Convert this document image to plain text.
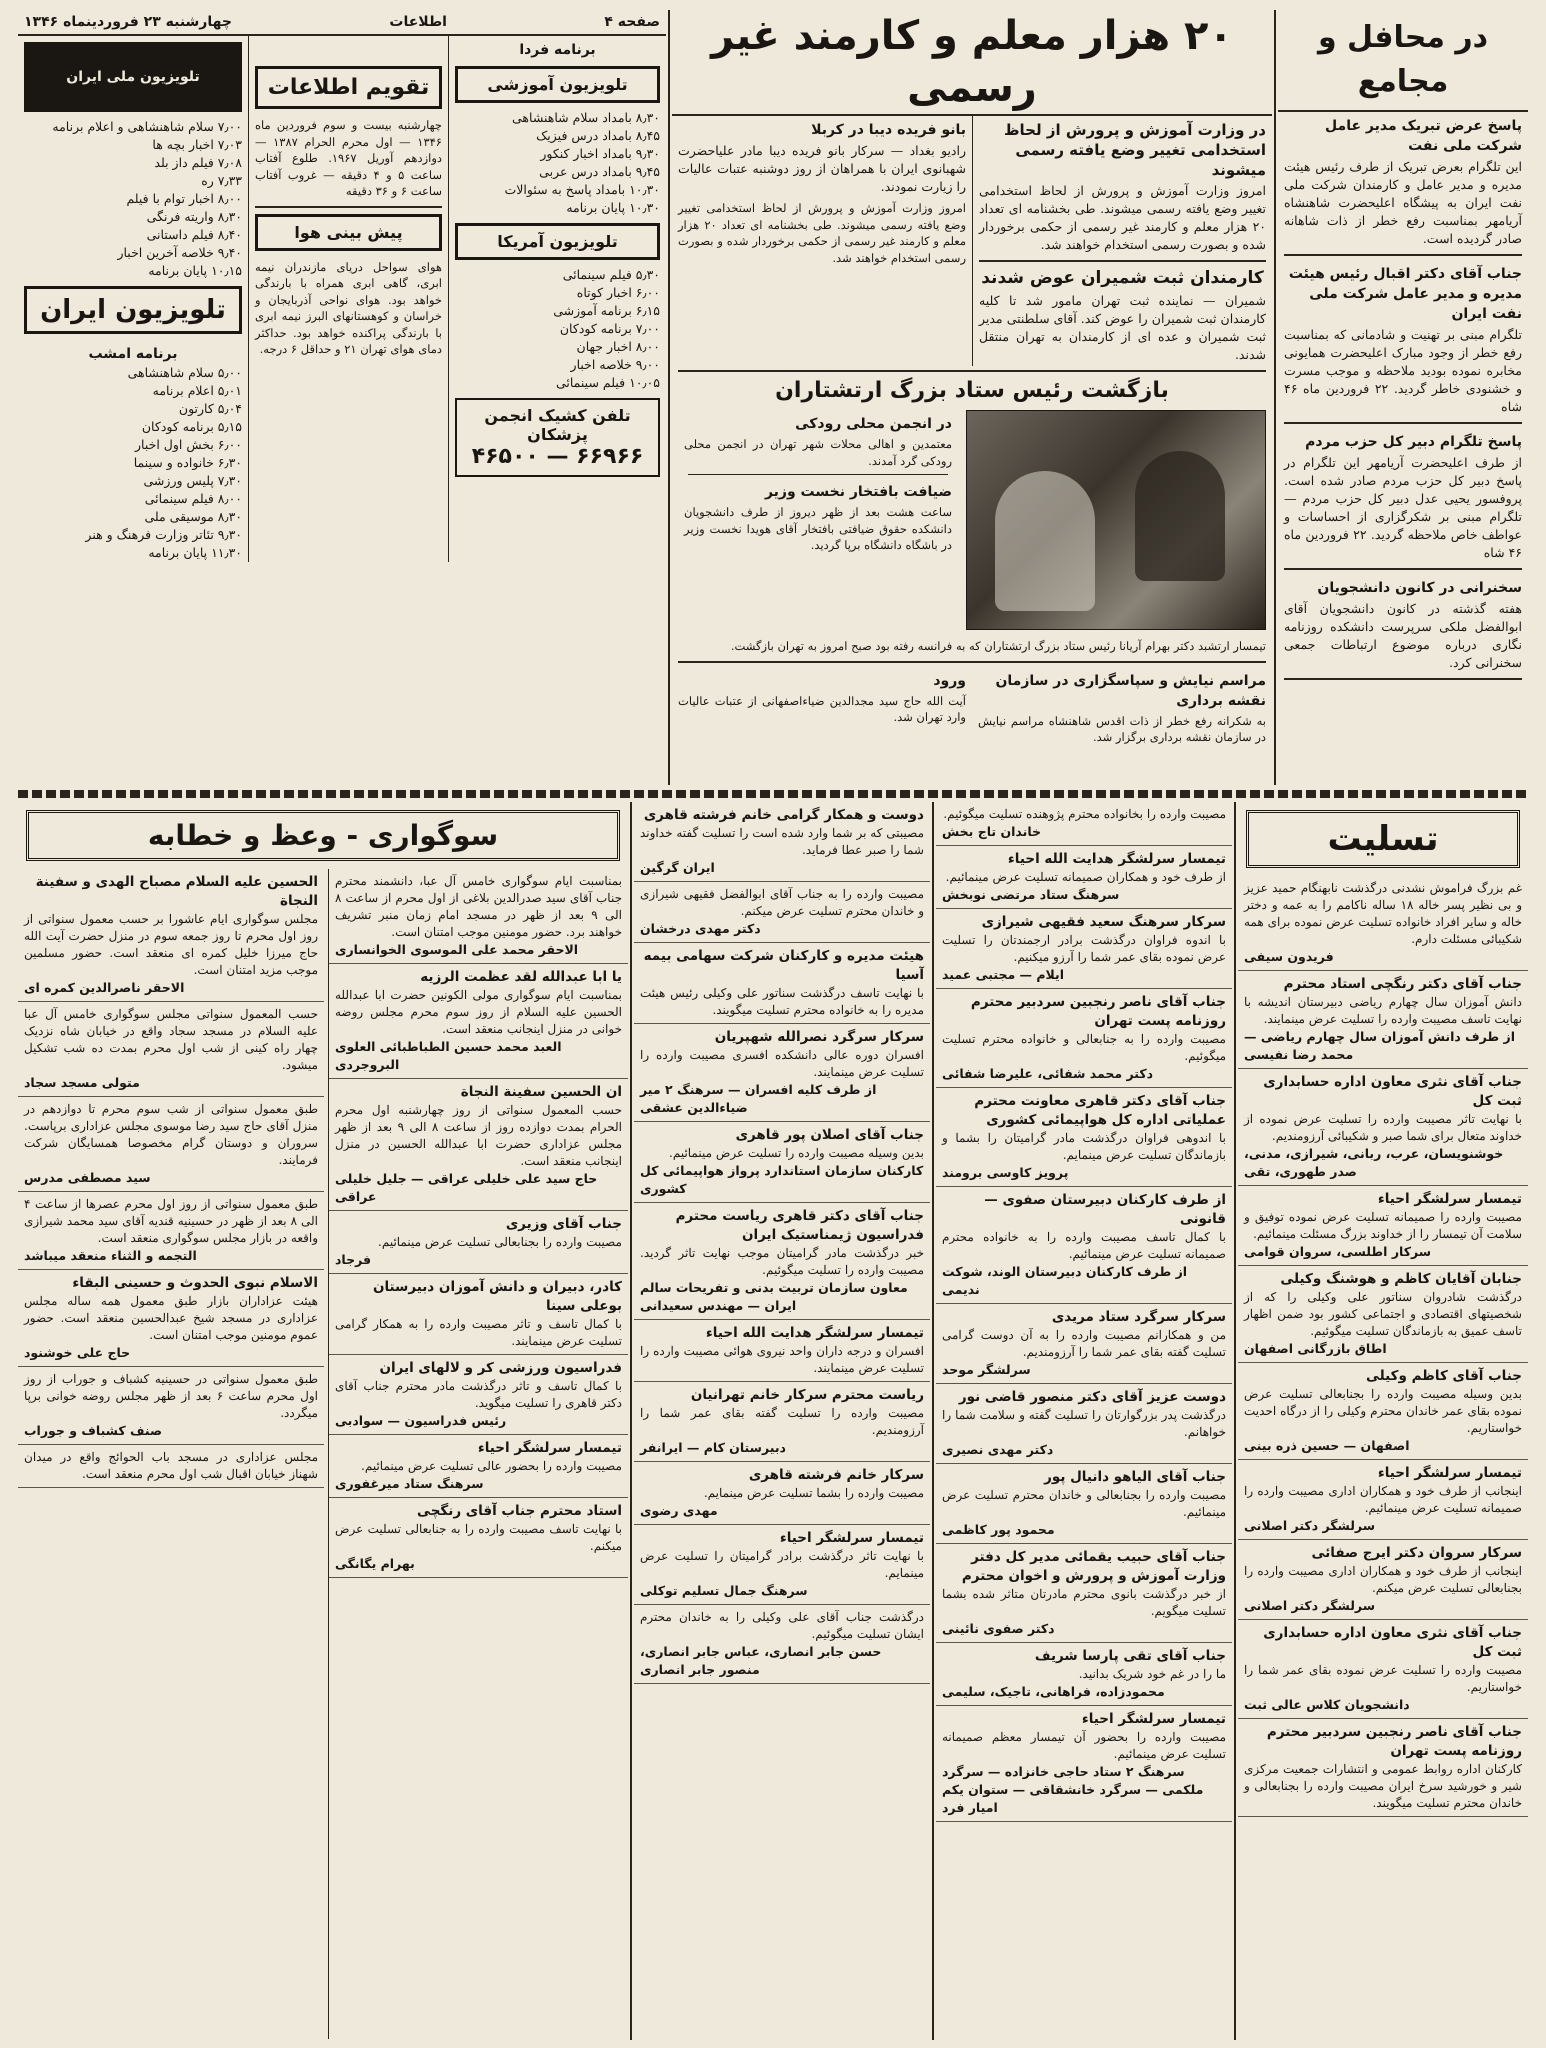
در محافل و مجامع
پاسخ عرض تبریک مدیر عامل شرکت ملی نفت
این تلگرام بعرض تبریک از طرف رئیس هیئت مدیره و مدیر عامل و کارمندان شرکت ملی نفت ایران به پیشگاه اعلیحضرت شاهنشاه آریامهر بمناسبت رفع خطر از ذات شاهانه صادر گردیده است.
جناب آقای دکتر اقبال رئیس هیئت مدیره و مدیر عامل شرکت ملی نفت ایران
تلگرام مبنی بر تهنیت و شادمانی که بمناسبت رفع خطر از وجود مبارک اعلیحضرت همایونی مخابره نموده بودید ملاحظه و موجب مسرت و خشنودی خاطر گردید. ۲۲ فروردین ماه ۴۶ شاه
پاسخ تلگرام دبیر کل حزب مردم
از طرف اعلیحضرت آریامهر این تلگرام در پاسخ دبیر کل حزب مردم صادر شده است. پروفسور یحیی عدل دبیر کل حزب مردم — تلگرام مبنی بر شکرگزاری از احساسات و عواطف خاص ملاحظه گردید. ۲۲ فروردین ماه ۴۶ شاه
سخنرانی در کانون دانشجویان
هفته گذشته در کانون دانشجویان آقای ابوالفضل ملکی سرپرست دانشکده روزنامه نگاری درباره موضوع ارتباطات جمعی سخنرانی کرد.
۲۰ هزار معلم و کارمند غیر رسمی
در وزارت آموزش و پرورش از لحاظ استخدامی تغییر وضع یافته رسمی میشوند
امروز وزارت آموزش و پرورش از لحاظ استخدامی تغییر وضع یافته رسمی میشوند. طی بخشنامه ای تعداد ۲۰ هزار معلم و کارمند غیر رسمی از حکمی برخوردار شده و بصورت رسمی استخدام خواهند شد.
کارمندان ثبت شمیران عوض شدند
شمیران — نماینده ثبت تهران مامور شد تا کلیه کارمندان ثبت شمیران را عوض کند. آقای سلطنتی مدیر ثبت شمیران و عده ای از کارمندان به تهران منتقل شدند.
بانو فریده دیبا در کربلا
رادیو بغداد — سرکار بانو فریده دیبا مادر علیاحضرت شهبانوی ایران با همراهان از روز دوشنبه عتبات عالیات را زیارت نمودند.
امروز وزارت آموزش و پرورش از لحاظ استخدامی تغییر وضع یافته رسمی میشوند. طی بخشنامه ای تعداد ۲۰ هزار معلم و کارمند غیر رسمی از حکمی برخوردار شده و بصورت رسمی استخدام خواهند شد.
بازگشت رئیس ستاد بزرگ ارتشتاران
در انجمن محلی رودکی
معتمدین و اهالی محلات شهر تهران در انجمن محلی رودکی گرد آمدند.
ضیافت بافتخار نخست وزیر
ساعت هشت بعد از ظهر دیروز از طرف دانشجویان دانشکده حقوق ضیافتی بافتخار آقای هویدا نخست وزیر در باشگاه دانشگاه برپا گردید.
تیمسار ارتشبد دکتر بهرام آریانا رئیس ستاد بزرگ ارتشتاران که به فرانسه رفته بود صبح امروز به تهران بازگشت.
مراسم نیایش و سپاسگزاری در سازمان نقشه برداری
به شکرانه رفع خطر از ذات اقدس شاهنشاه مراسم نیایش در سازمان نقشه برداری برگزار شد.
ورود
آیت الله حاج سید مجدالدین ضیاءاصفهانی از عتبات عالیات وارد تهران شد.
صفحه ۴
اطلاعات
چهارشنبه ۲۳ فروردینماه ۱۳۴۶
برنامه فردا
تلویزیون آموزشی
۸٫۳۰ بامداد سلام شاهنشاهی
۸٫۴۵ بامداد درس فیزیک
۹٫۳۰ بامداد اخبار کنکور
۹٫۴۵ بامداد درس عربی
۱۰٫۳۰ بامداد پاسخ به سئوالات
۱۰٫۳۰ پایان برنامه
تلویزیون آمریکا
۵٫۳۰ فیلم سینمائی
۶٫۰۰ اخبار کوتاه
۶٫۱۵ برنامه آموزشی
۷٫۰۰ برنامه کودکان
۸٫۰۰ اخبار جهان
۹٫۰۰ خلاصه اخبار
۱۰٫۰۵ فیلم سینمائی
تلفن کشیک انجمن پزشکان
۶۶۹۶۶ — ۴۶۵۰۰
تقویم اطلاعات
چهارشنبه بیست و سوم فروردین ماه ۱۳۴۶ — اول محرم الحرام ۱۳۸۷ — دوازدهم آوریل ۱۹۶۷. طلوع آفتاب ساعت ۵ و ۴ دقیقه — غروب آفتاب ساعت ۶ و ۳۶ دقیقه
پیش بینی هوا
هوای سواحل دریای مازندران نیمه ابری، گاهی ابری همراه با بارندگی خواهد بود. هوای نواحی آذربایجان و خراسان و کوهستانهای البرز نیمه ابری با بارندگی پراکنده خواهد بود. حداکثر دمای هوای تهران ۲۱ و حداقل ۶ درجه.
تلویزیون ملی ایران
۷٫۰۰ سلام شاهنشاهی و اعلام برنامه
۷٫۰۳ اخبار بچه ها
۷٫۰۸ فیلم داز بلد
۷٫۳۳ ره
۸٫۰۰ اخبار توام با فیلم
۸٫۳۰ واریته فرنگی
۸٫۴۰ فیلم داستانی
۹٫۴۰ خلاصه آخرین اخبار
۱۰٫۱۵ پایان برنامه
تلویزیون ایران
برنامه امشب
۵٫۰۰ سلام شاهنشاهی
۵٫۰۱ اعلام برنامه
۵٫۰۴ کارتون
۵٫۱۵ برنامه کودکان
۶٫۰۰ بخش اول اخبار
۶٫۳۰ خانواده و سینما
۷٫۳۰ پلیس ورزشی
۸٫۰۰ فیلم سینمائی
۸٫۳۰ موسیقی ملی
۹٫۳۰ تئاتر وزارت فرهنگ و هنر
۱۱٫۳۰ پایان برنامه
تسلیت
غم بزرگ فراموش نشدنی درگذشت نابهنگام حمید عزیز و بی نظیر پسر خاله ۱۸ ساله ناکامم را به عمه و دختر خاله و سایر افراد خانواده تسلیت عرض نموده برای همه شکیبائی مسئلت دارم.
فریدون سیفی
جناب آقای دکتر رنگچی استاد محترم
دانش آموزان سال چهارم ریاضی دبیرستان اندیشه با نهایت تاسف مصیبت وارده را تسلیت عرض مینمایند.
از طرف دانش آموزان سال چهارم ریاضی — محمد رضا نفیسی
جناب آقای نثری معاون اداره حسابداری ثبت کل
با نهایت تاثر مصیبت وارده را تسلیت عرض نموده از خداوند متعال برای شما صبر و شکیبائی آرزومندیم.
خوشنویسان، عرب، ربانی، شیرازی، مدنی، صدر طهوری، تقی
تیمسار سرلشگر احیاء
مصیبت وارده را صمیمانه تسلیت عرض نموده توفیق و سلامت آن تیمسار را از خداوند بزرگ مسئلت مینمائیم.
سرکار اطلسی، سروان قوامی
جنابان آقایان کاظم و هوشنگ وکیلی
درگذشت شادروان سناتور علی وکیلی را که از شخصیتهای اقتصادی و اجتماعی کشور بود ضمن اظهار تاسف عمیق به بازماندگان تسلیت میگوئیم.
اطاق بازرگانی اصفهان
جناب آقای کاظم وکیلی
بدین وسیله مصیبت وارده را بجنابعالی تسلیت عرض نموده بقای عمر خاندان محترم وکیلی را از درگاه احدیت خواستاریم.
اصفهان — حسین ذره بینی
تیمسار سرلشگر احیاء
اینجانب از طرف خود و همکاران اداری مصیبت وارده را صمیمانه تسلیت عرض مینمائیم.
سرلشگر دکتر اصلانی
سرکار سروان دکتر ایرج صفائی
اینجانب از طرف خود و همکاران اداری مصیبت وارده را بجنابعالی تسلیت عرض میکنم.
سرلشگر دکتر اصلانی
جناب آقای نثری معاون اداره حسابداری ثبت کل
مصیبت وارده را تسلیت عرض نموده بقای عمر شما را خواستاریم.
دانشجویان کلاس عالی ثبت
جناب آقای ناصر رنجبین سردبیر محترم روزنامه پست تهران
کارکنان اداره روابط عمومی و انتشارات جمعیت مرکزی شیر و خورشید سرخ ایران مصیبت وارده را بجنابعالی و خاندان محترم تسلیت میگویند.
مصیبت وارده را بخانواده محترم پژوهنده تسلیت میگوئیم.
خاندان تاج بخش
تیمسار سرلشگر هدایت الله احیاء
از طرف خود و همکاران صمیمانه تسلیت عرض مینمائیم.
سرهنگ ستاد مرتضی نوبخش
سرکار سرهنگ سعید فقیهی شیرازی
با اندوه فراوان درگذشت برادر ارجمندتان را تسلیت عرض نموده بقای عمر شما را آرزو میکنیم.
ایلام — مجتبی عمید
جناب آقای ناصر رنجبین سردبیر محترم روزنامه پست تهران
مصیبت وارده را به جنابعالی و خانواده محترم تسلیت میگوئیم.
دکتر محمد شفائی، علیرضا شفائی
جناب آقای دکتر قاهری معاونت محترم عملیاتی اداره کل هواپیمائی کشوری
با اندوهی فراوان درگذشت مادر گرامیتان را بشما و بازماندگان تسلیت عرض مینمایم.
پرویز کاوسی برومند
از طرف کارکنان دبیرستان صفوی — قانونی
با کمال تاسف مصیبت وارده را به خانواده محترم صمیمانه تسلیت عرض مینمائیم.
از طرف کارکنان دبیرستان الوند، شوکت ندیمی
سرکار سرگرد ستاد مریدی
من و همکارانم مصیبت وارده را به آن دوست گرامی تسلیت گفته بقای عمر شما را آرزومندیم.
سرلشگر موحد
دوست عزیز آقای دکتر منصور قاضی نور
درگذشت پدر بزرگوارتان را تسلیت گفته و سلامت شما را خواهانم.
دکتر مهدی نصیری
جناب آقای الیاهو دانیال پور
مصیبت وارده را بجنابعالی و خاندان محترم تسلیت عرض مینمائیم.
محمود پور کاظمی
جناب آقای حبیب یقمائی مدیر کل دفتر وزارت آموزش و پرورش و اخوان محترم
از خبر درگذشت بانوی محترم مادرتان متاثر شده بشما تسلیت میگویم.
دکتر صفوی نائینی
جناب آقای تقی پارسا شریف
ما را در غم خود شریک بدانید.
محمودزاده، فراهانی، تاجیک، سلیمی
تیمسار سرلشگر احیاء
مصیبت وارده را بحضور آن تیمسار معظم صمیمانه تسلیت عرض مینمائیم.
سرهنگ ۲ ستاد حاجی خانزاده — سرگرد ملکمی — سرگرد خانشقاقی — ستوان یکم امیار فرد
دوست و همکار گرامی خانم فرشته قاهری
مصیبتی که بر شما وارد شده است را تسلیت گفته خداوند شما را صبر عطا فرماید.
ایران گرگین
مصیبت وارده را به جناب آقای ابوالفضل فقیهی شیرازی و خاندان محترم تسلیت عرض میکنم.
دکتر مهدی درخشان
هیئت مدیره و کارکنان شرکت سهامی بیمه آسیا
با نهایت تاسف درگذشت سناتور علی وکیلی رئیس هیئت مدیره را به خانواده محترم تسلیت میگویند.
سرکار سرگرد نصرالله شهپریان
افسران دوره عالی دانشکده افسری مصیبت وارده را تسلیت عرض مینمایند.
از طرف کلیه افسران — سرهنگ ۲ میر ضیاءالدین عشقی
جناب آقای اصلان پور قاهری
بدین وسیله مصیبت وارده را تسلیت عرض مینمائیم.
کارکنان سازمان استاندارد پرواز هواپیمائی کل کشوری
جناب آقای دکتر قاهری ریاست محترم فدراسیون ژیمناستیک ایران
خبر درگذشت مادر گرامیتان موجب نهایت تاثر گردید. مصیبت وارده را تسلیت میگوئیم.
معاون سازمان تربیت بدنی و تفریحات سالم ایران — مهندس سعیدانی
تیمسار سرلشگر هدایت الله احیاء
افسران و درجه داران واحد نیروی هوائی مصیبت وارده را تسلیت عرض مینمایند.
ریاست محترم سرکار خانم تهرانیان
مصیبت وارده را تسلیت گفته بقای عمر شما را آرزومندیم.
دبیرستان کام — ایرانفر
سرکار خانم فرشته قاهری
مصیبت وارده را بشما تسلیت عرض مینمایم.
مهدی رضوی
تیمسار سرلشگر احیاء
با نهایت تاثر درگذشت برادر گرامیتان را تسلیت عرض مینمایم.
سرهنگ جمال تسلیم توکلی
درگذشت جناب آقای علی وکیلی را به خاندان محترم ایشان تسلیت میگوئیم.
حسن جابر انصاری، عباس جابر انصاری، منصور جابر انصاری
سوگواری - وعظ و خطابه
بمناسبت ایام سوگواری خامس آل عبا، دانشمند محترم جناب آقای سید صدرالدین بلاغی از اول محرم از ساعت ۸ الی ۹ بعد از ظهر در مسجد امام زمان منبر تشریف خواهند برد. حضور مومنین موجب امتنان است.
الاحقر محمد علی الموسوی الخوانساری
یا ابا عبدالله لقد عظمت الرزیه
بمناسبت ایام سوگواری مولی الکونین حضرت ابا عبدالله الحسین علیه السلام از روز سوم محرم مجلس روضه خوانی در منزل اینجانب منعقد است.
العبد محمد حسین الطباطبائی العلوی البروجردی
ان الحسین سفینة النجاة
حسب المعمول سنواتی از روز چهارشنبه اول محرم الحرام بمدت دوازده روز از ساعت ۸ الی ۹ بعد از ظهر مجلس عزاداری حضرت ابا عبدالله الحسین در منزل اینجانب منعقد است.
حاج سید علی خلیلی عراقی — جلیل خلیلی عراقی
جناب آقای وزیری
مصیبت وارده را بجنابعالی تسلیت عرض مینمائیم.
فرجاد
کادر، دبیران و دانش آموزان دبیرستان بوعلی سینا
با کمال تاسف و تاثر مصیبت وارده را به همکار گرامی تسلیت عرض مینمایند.
فدراسیون ورزشی کر و لالهای ایران
با کمال تاسف و تاثر درگذشت مادر محترم جناب آقای دکتر قاهری را تسلیت میگوید.
رئیس فدراسیون — سوادبی
تیمسار سرلشگر احیاء
مصیبت وارده را بحضور عالی تسلیت عرض مینمائیم.
سرهنگ ستاد میرغفوری
استاد محترم جناب آقای رنگچی
با نهایت تاسف مصیبت وارده را به جنابعالی تسلیت عرض میکنم.
بهرام یگانگی
الحسین علیه السلام مصباح الهدی و سفینة النجاة
مجلس سوگواری ایام عاشورا بر حسب معمول سنواتی از روز اول محرم تا روز جمعه سوم در منزل حضرت آیت الله حاج میرزا خلیل کمره ای منعقد است. حضور مسلمین موجب مزید امتنان است.
الاحقر ناصرالدین کمره ای
حسب المعمول سنواتی مجلس سوگواری خامس آل عبا علیه السلام در مسجد سجاد واقع در خیابان شاه نزدیک چهار راه کینی از شب اول محرم بمدت ده شب تشکیل میشود.
متولی مسجد سجاد
طبق معمول سنواتی از شب سوم محرم تا دوازدهم در منزل آقای حاج سید رضا موسوی مجلس عزاداری برپاست. سروران و دوستان گرام مخصوصا همسایگان شرکت فرمایند.
سید مصطفی مدرس
طبق معمول سنواتی از روز اول محرم عصرها از ساعت ۴ الی ۸ بعد از ظهر در حسینیه قندیه آقای سید محمد شیرازی واقعه در بازار مجلس سوگواری منعقد است.
التجمه و الثناء منعقد میباشد
الاسلام نبوی الحدوث و حسینی البقاء
هیئت عزاداران بازار طبق معمول همه ساله مجلس عزاداری در مسجد شیخ عبدالحسین منعقد است. حضور عموم مومنین موجب امتنان است.
حاج علی خوشنود
طبق معمول سنواتی در حسینیه کشباف و جوراب از روز اول محرم ساعت ۶ بعد از ظهر مجلس روضه خوانی برپا میگردد.
صنف کشباف و جوراب
مجلس عزاداری در مسجد باب الحوائج واقع در میدان شهناز خیابان اقبال شب اول محرم منعقد است.
